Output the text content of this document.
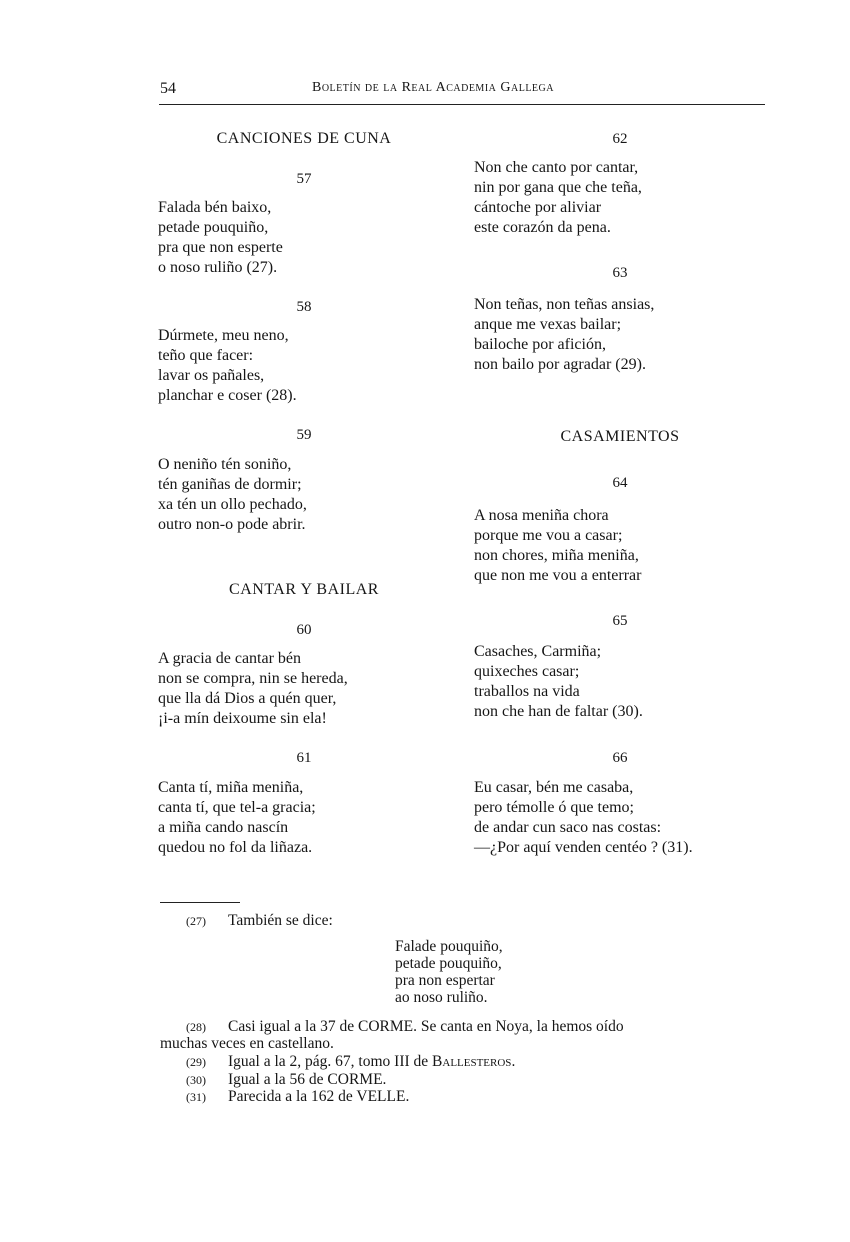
54	Boletín de la Real Academia Gallega
CANCIONES DE CUNA
57
Falada bén baixo,
petade pouquiño,
pra que non esperte
o noso ruliño (27).
58
Dúrmete, meu neno,
teño que facer:
lavar os pañales,
planchar e coser (28).
59
O neniño tén soniño,
tén ganiñas de dormir;
xa tén un ollo pechado,
outro non-o pode abrir.
CANTAR Y BAILAR
60
A gracia de cantar bén
non se compra, nin se hereda,
que lla dá Dios a quén quer,
¡i-a mín deixoume sin ela!
61
Canta tí, miña meniña,
canta tí, que tel-a gracia;
a miña cando nascín
quedou no fol da liñaza.
62
Non che canto por cantar,
nin por gana que che teña,
cántoche por aliviar
este corazón da pena.
63
Non teñas, non teñas ansias,
anque me vexas bailar;
bailoche por afición,
non bailo por agradar (29).
CASAMIENTOS
64
A nosa meniña chora
porque me vou a casar;
non chores, miña meniña,
que non me vou a enterrar
65
Casaches, Carmiña;
quixeches casar;
traballos na vida
non che han de faltar (30).
66
Eu casar, bén me casaba,
pero témolle ó que temo;
de andar cun saco nas costas:
—¿Por aquí venden centéo ? (31).
(27) También se dice:
Falade pouquiño,
petade pouquiño,
pra non espertar
ao noso ruliño.
(28) Casi igual a la 37 de CORME. Se canta en Noya, la hemos oído
muchas veces en castellano.
(29) Igual a la 2, pág. 67, tomo III de Ballesteros.
(30) Igual a la 56 de CORME.
(31) Parecida a la 162 de VELLE.
